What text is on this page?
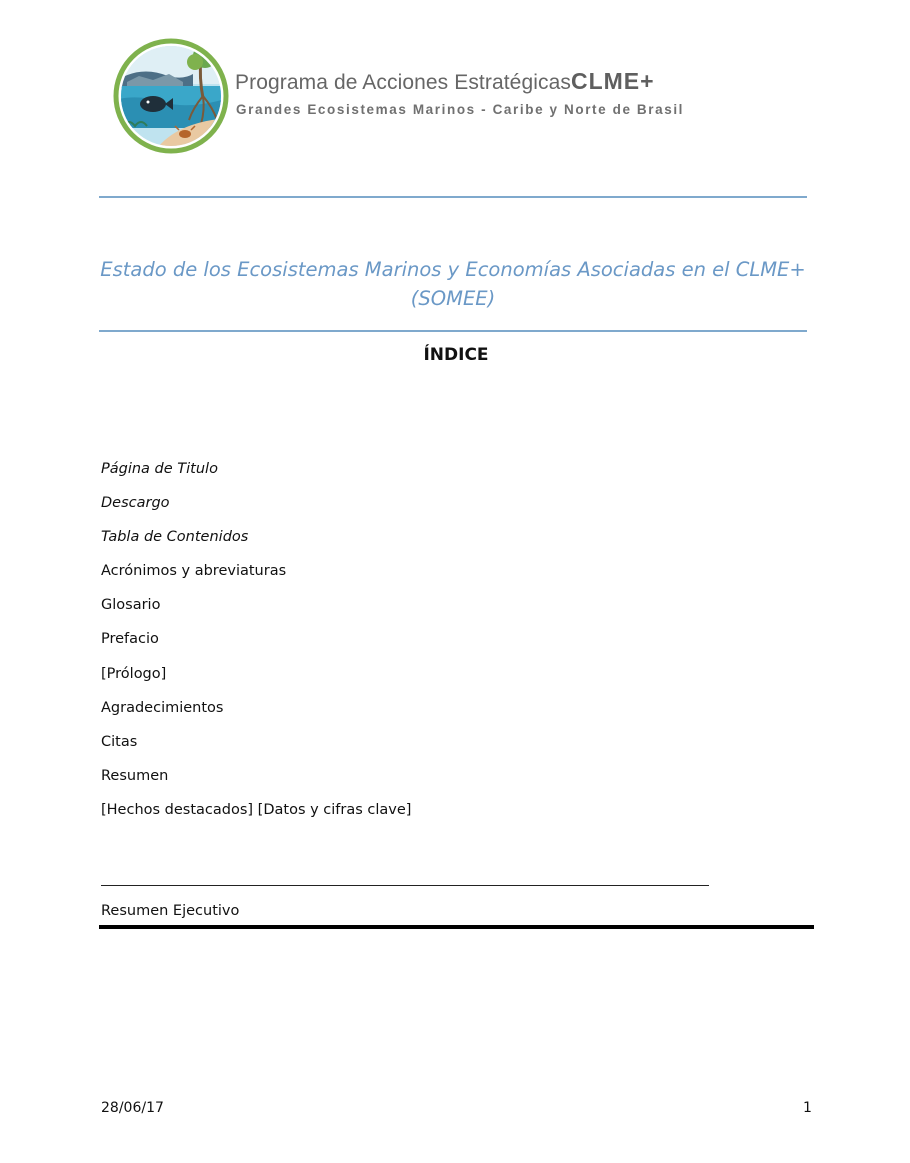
Programa de Acciones EstratégicasCLME+
Grandes Ecosistemas Marinos - Caribe y Norte de Brasil
Estado de los Ecosistemas Marinos y Economías Asociadas en el CLME+
(SOMEE)
ÍNDICE
Página de Titulo
Descargo
Tabla de Contenidos
Acrónimos y abreviaturas
Glosario
Prefacio
[Prólogo]
Agradecimientos
Citas
Resumen
[Hechos destacados] [Datos y cifras clave]
Resumen Ejecutivo
28/06/17	1
